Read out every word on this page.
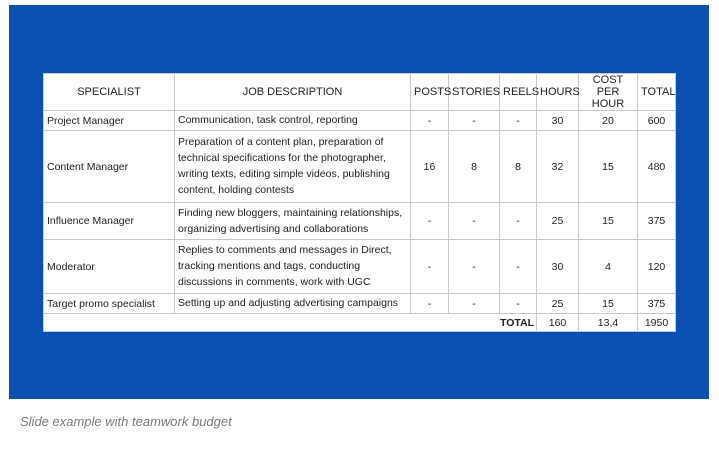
SPECIALIST	JOB DESCRIPTION	POSTS	STORIES	REELS	HOURS	COST PER HOUR	TOTAL
Project Manager	Communication, task control, reporting	-	-	-	30	20	600
Content Manager	Preparation of a content plan, preparation of technical specifications for the photographer, writing texts, editing simple videos, publishing content, holding contests	16	8	8	32	15	480
Influence Manager	Finding new bloggers, maintaining relationships, organizing advertising and collaborations	-	-	-	25	15	375
Moderator	Replies to comments and messages in Direct, tracking mentions and tags, conducting discussions in comments, work with UGC	-	-	-	30	4	120
Target promo specialist	Setting up and adjusting advertising campaigns	-	-	-	25	15	375
TOTAL					160	13,4	1950
Slide example with teamwork budget
